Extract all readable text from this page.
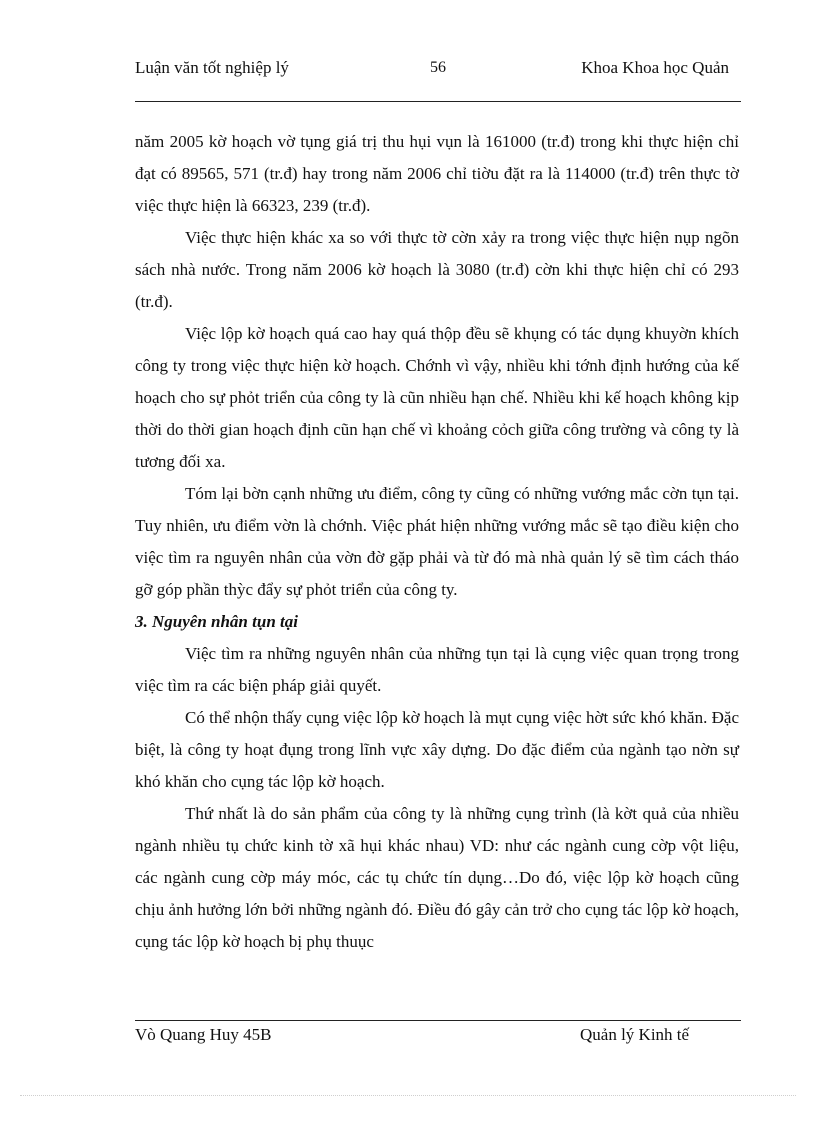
56
Luận văn tốt nghiệp lý	Khoa Khoa học Quản

năm 2005 kờ hoạch vờ tụng giá trị thu hụi vụn là 161000 (tr.đ) trong khi thực hiện chỉ đạt có 89565, 571 (tr.đ) hay trong năm 2006 chỉ tiờu đặt ra là 114000 (tr.đ) trên thực tờ việc thực hiện là 66323, 239 (tr.đ).

Việc thực hiện khác xa so với thực tờ cờn xảy ra trong việc thực hiện nụp ngõn sách nhà nước. Trong năm 2006 kờ hoạch là 3080 (tr.đ) cờn khi thực hiện chỉ có 293 (tr.đ).

Việc lộp kờ hoạch quá cao hay quá thộp đều sẽ khụng có tác dụng khuyờn khích công ty trong việc thực hiện kờ hoạch. Chớnh vì vậy, nhiều khi tớnh định hướng của kế hoạch cho sự phỏt triển của công ty là cũn nhiều hạn chế. Nhiều khi kế hoạch không kịp thời do thời gian hoạch định cũn hạn chế vì khoảng cỏch giữa công trường và công ty là tương đối xa.

Tóm lại bờn cạnh những ưu điểm, công ty cũng có những vướng mắc cờn tụn tại. Tuy nhiên, ưu điểm vờn là chớnh. Việc phát hiện những vướng mắc sẽ tạo điều kiện cho việc tìm ra nguyên nhân của vờn đờ gặp phải và từ đó mà nhà quản lý sẽ tìm cách tháo gỡ góp phần thỳc đẩy sự phỏt triển của công ty.

3. Nguyên nhân tụn tại

Việc tìm ra những nguyên nhân của những tụn tại là cụng việc quan trọng trong việc tìm ra các biện pháp giải quyết.

Có thể nhộn thấy cụng việc lộp kờ hoạch là mụt cụng việc hờt sức khó khăn. Đặc biệt, là công ty hoạt đụng trong lĩnh vực xây dựng. Do đặc điểm của ngành tạo nờn sự khó khăn cho cụng tác lộp kờ hoạch.

Thứ nhất là do sản phẩm của công ty là những cụng trình (là kờt quả của nhiều ngành nhiều tụ chức kinh tờ xã hụi khác nhau) VD: như các ngành cung cờp vột liệu, các ngành cung cờp máy móc, các tụ chức tín dụng…Do đó, việc lộp kờ hoạch cũng chịu ảnh hưởng lớn bởi những ngành đó. Điều đó gây cản trở cho cụng tác lộp kờ hoạch, cụng tác lộp kờ hoạch bị phụ thuục

Vò Quang Huy 45B	Quản lý Kinh tế
